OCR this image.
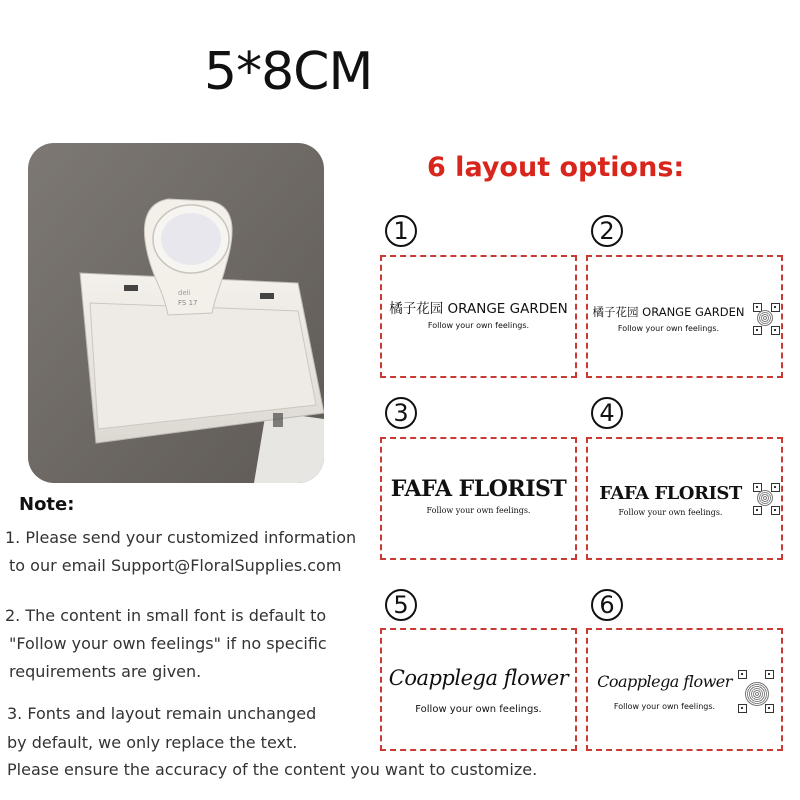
5*8CM
FS 17
deli
6 layout options:
1
橘子花园 ORANGE GARDEN
Follow your own feelings.
2
橘子花园 ORANGE GARDEN
Follow your own feelings.
3
FAFA FLORIST
Follow your own feelings.
4
FAFA FLORIST
Follow your own feelings.
5
Coapplega flower
Follow your own feelings.
6
Coapplega flower
Follow your own feelings.
Note:
1. Please send your customized information
to our email Support@FloralSupplies.com
2. The content in small font is default to
"Follow your own feelings" if no specific
requirements are given.
3. Fonts and layout remain unchanged
by default, we only replace the text.
Please ensure the accuracy of the content you want to customize.
